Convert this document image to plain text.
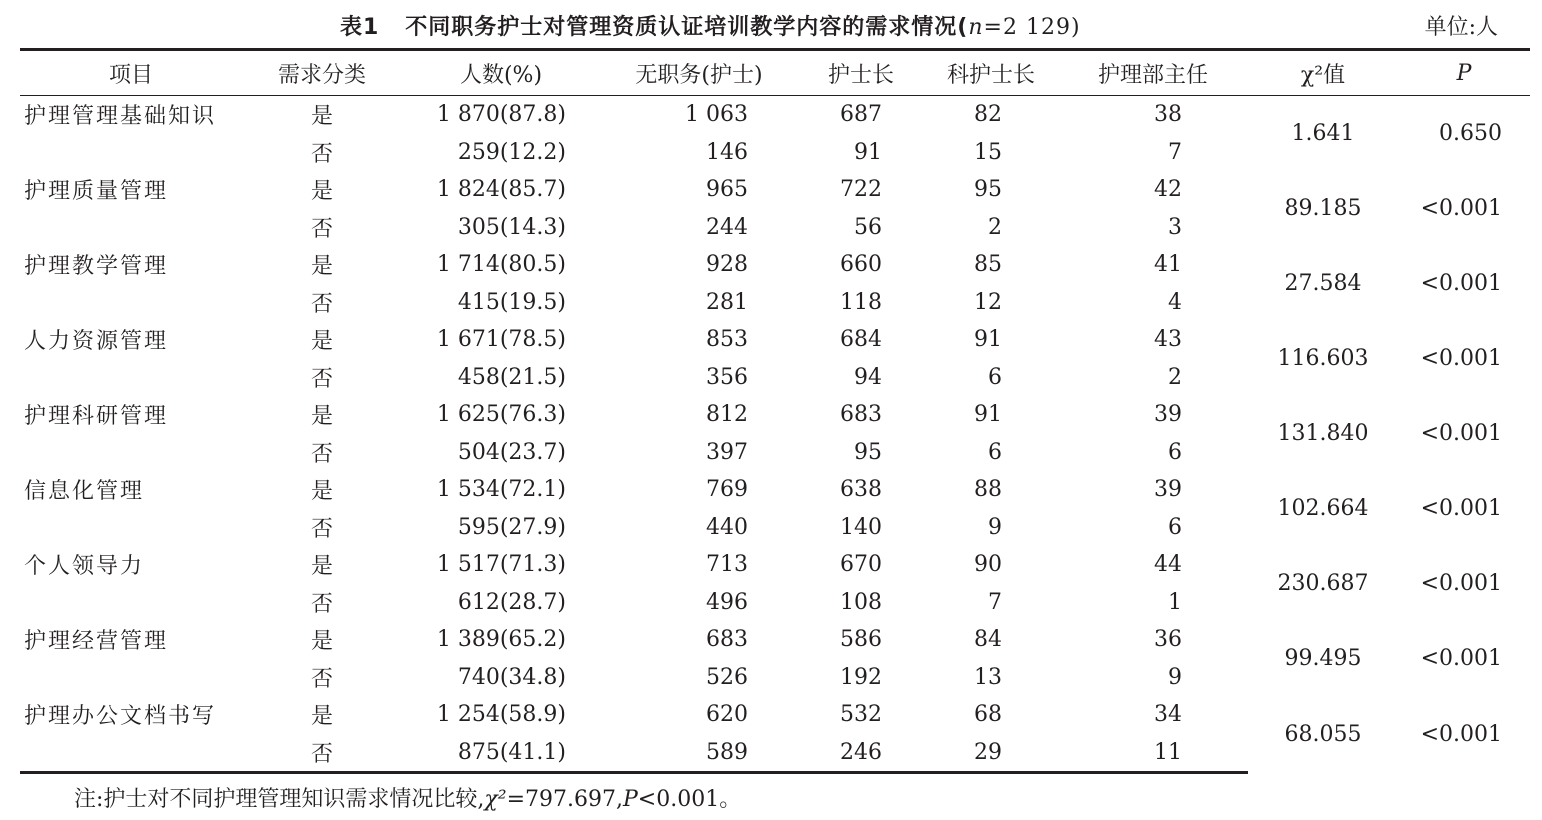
表1 不同职务护士对管理资质认证培训教学内容的需求情况(n=2 129)	单位:人
项目	需求分类	人数(%)	无职务(护士)	护士长	科护士长	护理部主任	χ²值	P
护理管理基础知识	是	1 870(87.8)	1 063	687	82	38	1.641	0.650
	否	259(12.2)	146	91	15	7		
护理质量管理	是	1 824(85.7)	965	722	95	42	89.185	<0.001
	否	305(14.3)	244	56	2	3		
护理教学管理	是	1 714(80.5)	928	660	85	41	27.584	<0.001
	否	415(19.5)	281	118	12	4		
人力资源管理	是	1 671(78.5)	853	684	91	43	116.603	<0.001
	否	458(21.5)	356	94	6	2		
护理科研管理	是	1 625(76.3)	812	683	91	39	131.840	<0.001
	否	504(23.7)	397	95	6	6		
信息化管理	是	1 534(72.1)	769	638	88	39	102.664	<0.001
	否	595(27.9)	440	140	9	6		
个人领导力	是	1 517(71.3)	713	670	90	44	230.687	<0.001
	否	612(28.7)	496	108	7	1		
护理经营管理	是	1 389(65.2)	683	586	84	36	99.495	<0.001
	否	740(34.8)	526	192	13	9		
护理办公文档书写	是	1 254(58.9)	620	532	68	34	68.055	<0.001
	否	875(41.1)	589	246	29	11		
注:护士对不同护理管理知识需求情况比较,χ²=797.697,P<0.001。
